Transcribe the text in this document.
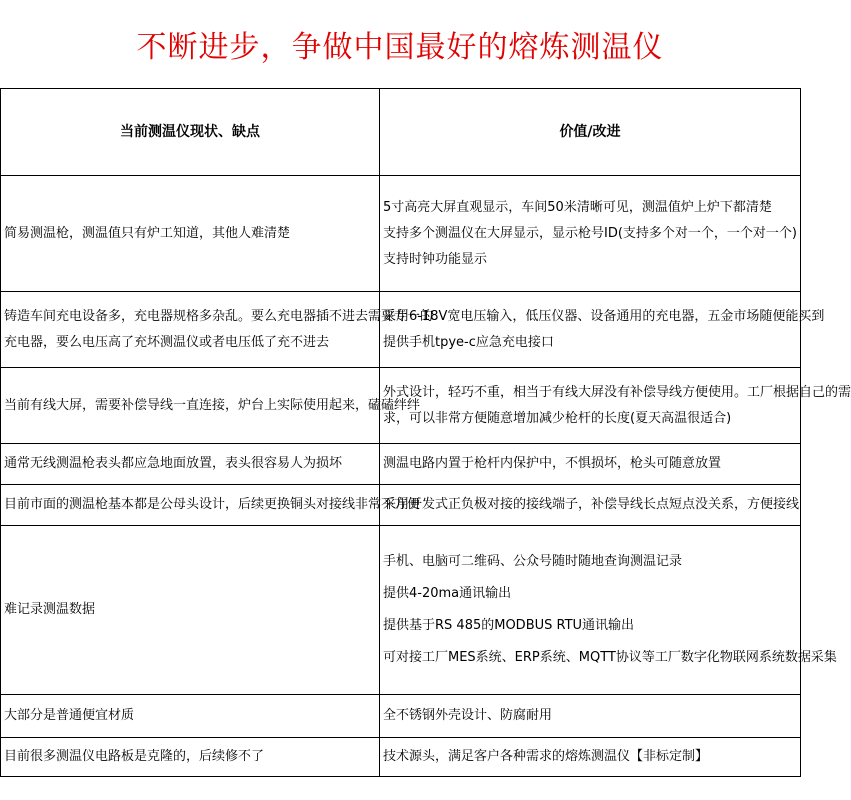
不断进步，争做中国最好的熔炼测温仪
当前测温仪现状、缺点	价值/改进

简易测温枪，测温值只有炉工知道，其他人难清楚	5寸高亮大屏直观显示，车间50米清晰可见，测温值炉上炉下都清楚
支持多个测温仪在大屏显示，显示枪号ID(支持多个对一个，一个对一个)
支持时钟功能显示

铸造车间充电设备多，充电器规格多杂乱。要么充电器插不进去需要专一的
充电器，要么电压高了充坏测温仪或者电压低了充不进去	采用6-18V宽电压输入，低压仪器、设备通用的充电器，五金市场随便能买到
提供手机tpye-c应急充电接口

当前有线大屏，需要补偿导线一直连接，炉台上实际使用起来，磕磕绊绊	外式设计，轻巧不重，相当于有线大屏没有补偿导线方便使用。工厂根据自己的需
求，可以非常方便随意增加减少枪杆的长度(夏天高温很适合)

通常无线测温枪表头都应急地面放置，表头很容易人为损坏	测温电路内置于枪杆内保护中，不惧损坏，枪头可随意放置

目前市面的测温枪基本都是公母头设计，后续更换铜头对接线非常不方便	采用开发式正负极对接的接线端子，补偿导线长点短点没关系，方便接线

难记录测温数据	手机、电脑可二维码、公众号随时随地查询测温记录
提供4-20ma通讯输出
提供基于RS 485的MODBUS RTU通讯输出
可对接工厂MES系统、ERP系统、MQTT协议等工厂数字化物联网系统数据采集

大部分是普通便宜材质	全不锈钢外壳设计、防腐耐用

目前很多测温仪电路板是克隆的，后续修不了	技术源头，满足客户各种需求的熔炼测温仪【非标定制】
